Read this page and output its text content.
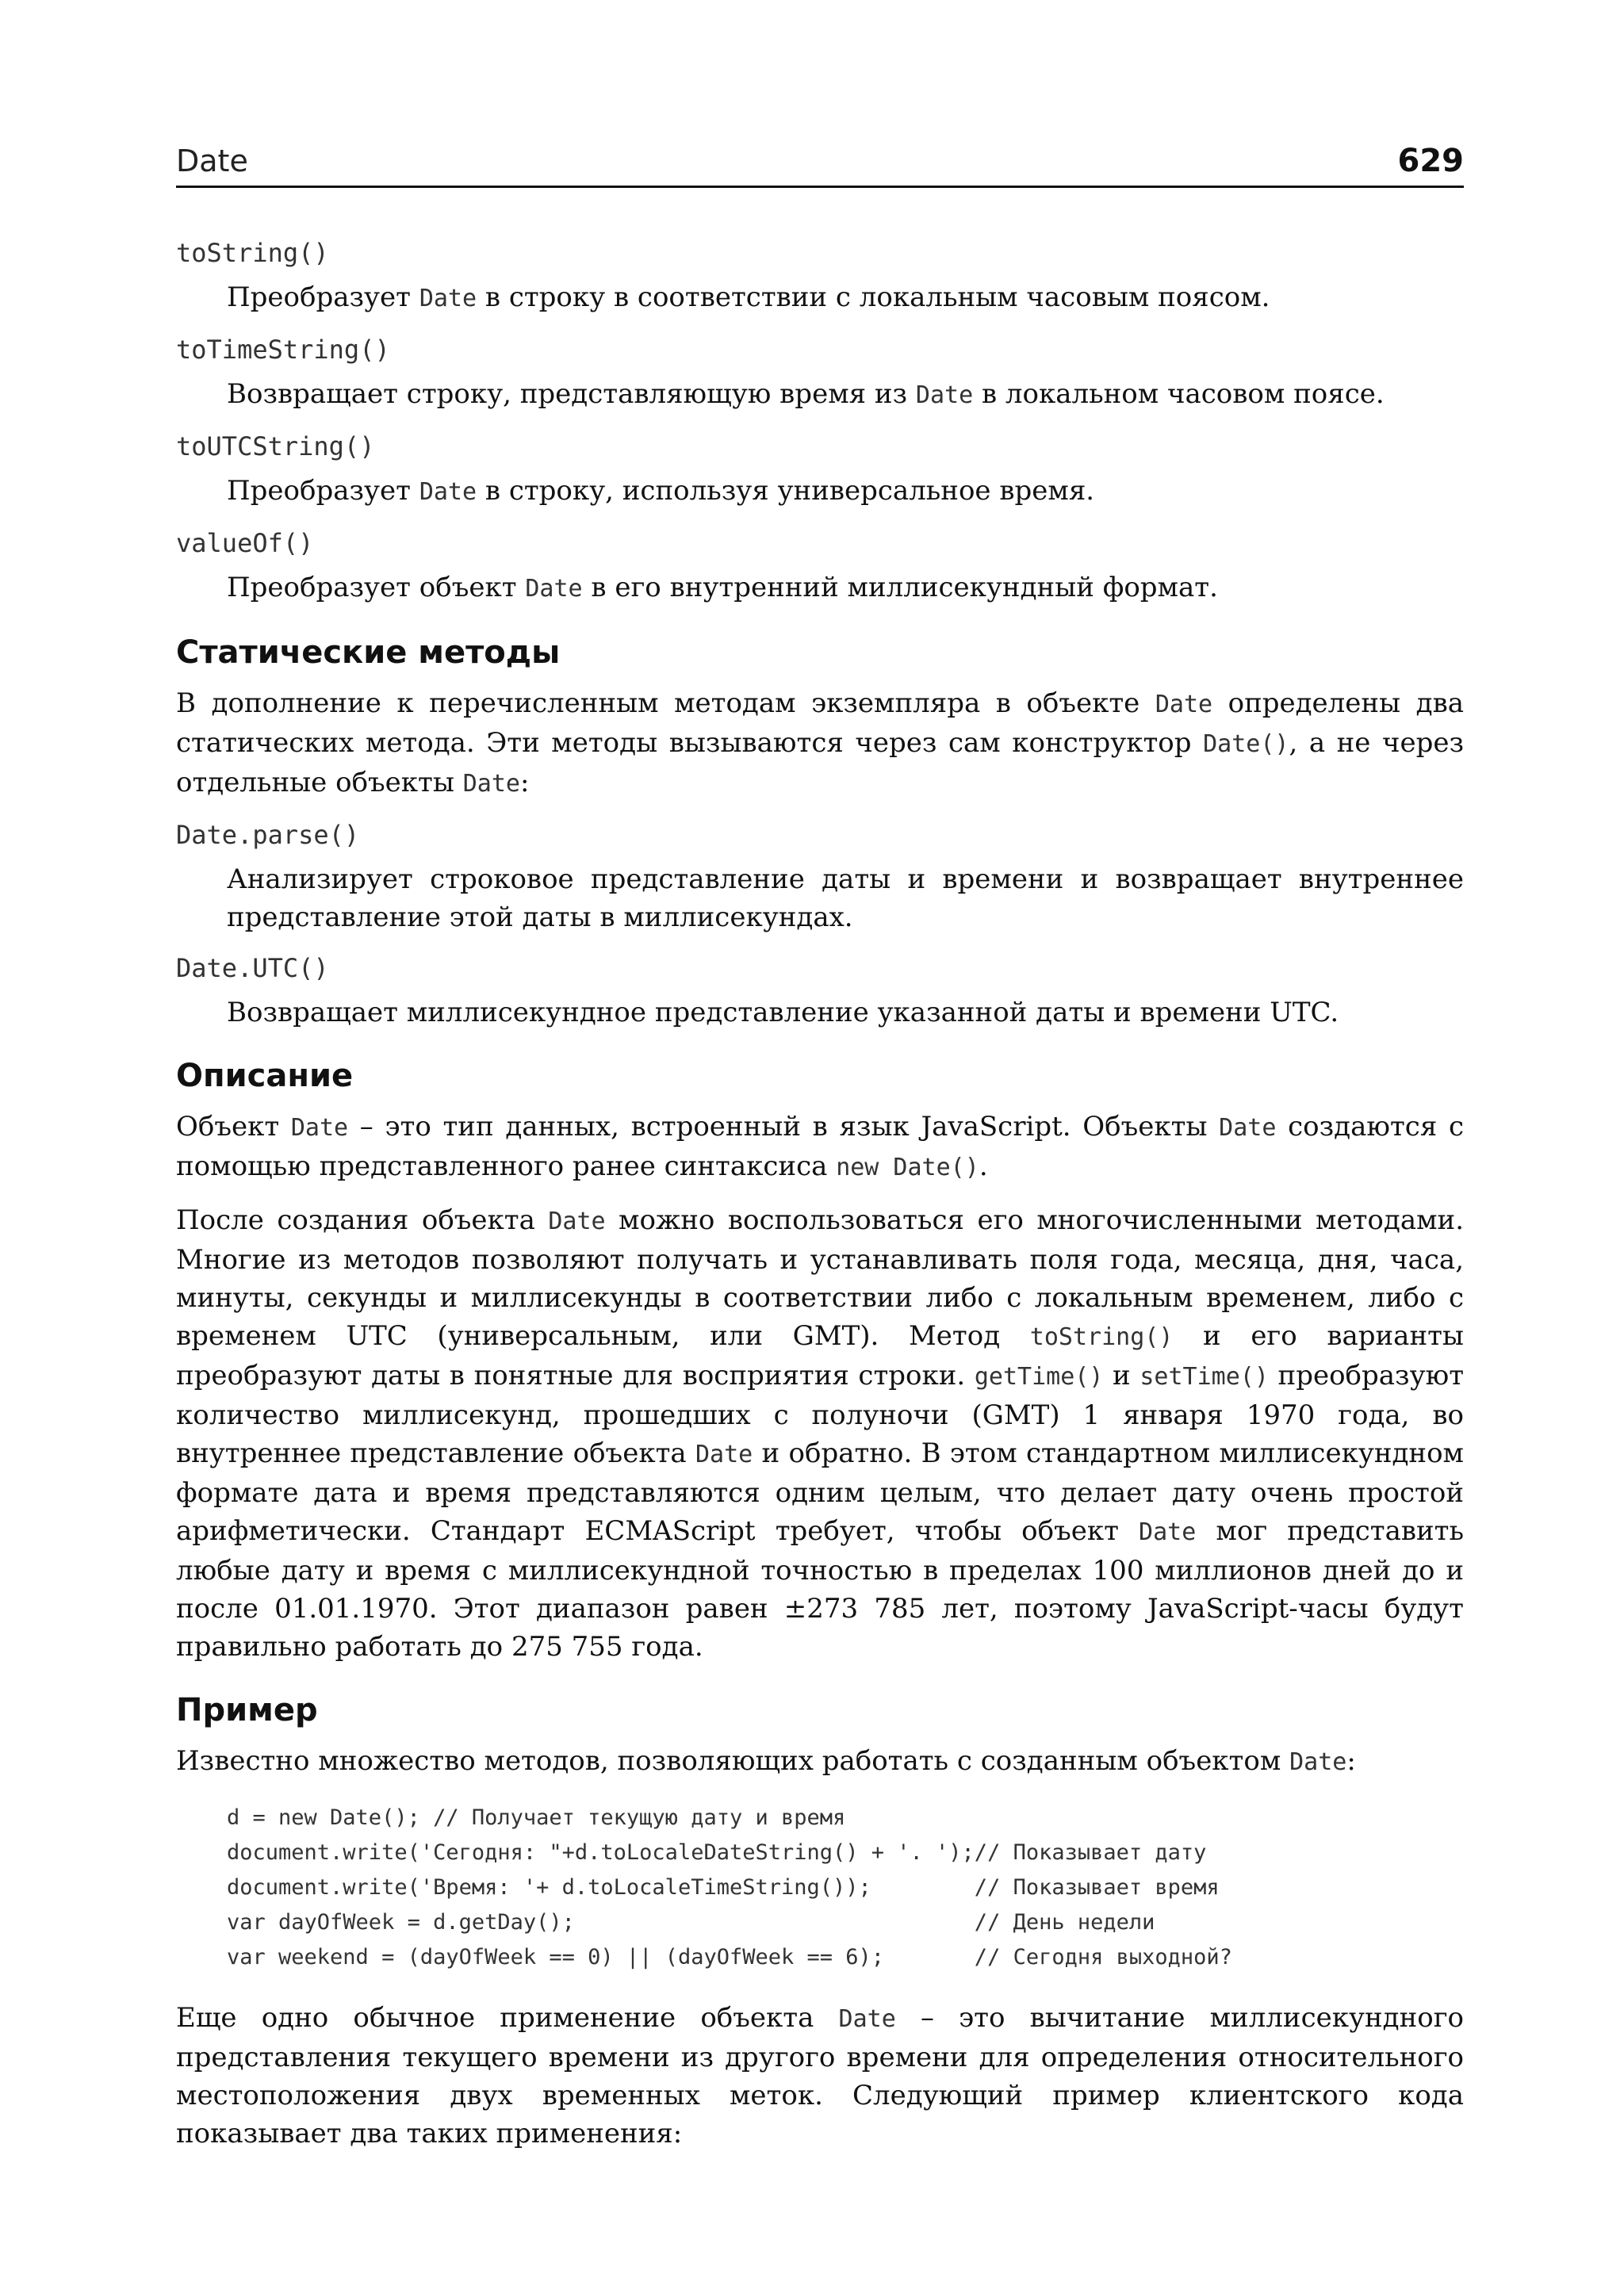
Date	629
toString()
Преобразует Date в строку в соответствии с локальным часовым поясом.
toTimeString()
Возвращает строку, представляющую время из Date в локальном часовом поясе.
toUTCString()
Преобразует Date в строку, используя универсальное время.
valueOf()
Преобразует объект Date в его внутренний миллисекундный формат.
Статические методы

В дополнение к перечисленным методам экземпляра в объекте Date определены два статических метода. Эти методы вызываются через сам конструктор Date(), а не через отдельные объекты Date:

Date.parse()
Анализирует строковое представление даты и времени и возвращает внутреннее представление этой даты в миллисекундах.
Date.UTC()
Возвращает миллисекундное представление указанной даты и времени UTC.
Описание

Объект Date – это тип данных, встроенный в язык JavaScript. Объекты Date создаются с помощью представленного ранее синтаксиса new Date().

После создания объекта Date можно воспользоваться его многочисленными методами. Многие из методов позволяют получать и устанавливать поля года, месяца, дня, часа, минуты, секунды и миллисекунды в соответствии либо с локальным временем, либо с временем UTC (универсальным, или GMT). Метод toString() и его варианты преобразуют даты в понятные для восприятия строки. getTime() и setTime() преобразуют количество миллисекунд, прошедших с полуночи (GMT) 1 января 1970 года, во внутреннее представление объекта Date и обратно. В этом стандартном миллисекундном формате дата и время представляются одним целым, что делает дату очень простой арифметически. Стандарт ECMAScript требует, чтобы объект Date мог представить любые дату и время с миллисекундной точностью в пределах 100 миллионов дней до и после 01.01.1970. Этот диапазон равен ±273 785 лет, поэтому JavaScript-часы будут правильно работать до 275 755 года.

Пример

Известно множество методов, позволяющих работать с созданным объектом Date:

d = new Date(); // Получает текущую дату и время
document.write('Сегодня: "+d.toLocaleDateString() + '. ');// Показывает дату
document.write('Время: '+ d.toLocaleTimeString());        // Показывает время
var dayOfWeek = d.getDay();                               // День недели
var weekend = (dayOfWeek == 0) || (dayOfWeek == 6);       // Сегодня выходной?

Еще одно обычное применение объекта Date – это вычитание миллисекундного представления текущего времени из другого времени для определения относительного местоположения двух временных меток. Следующий пример клиентского кода показывает два таких применения:
